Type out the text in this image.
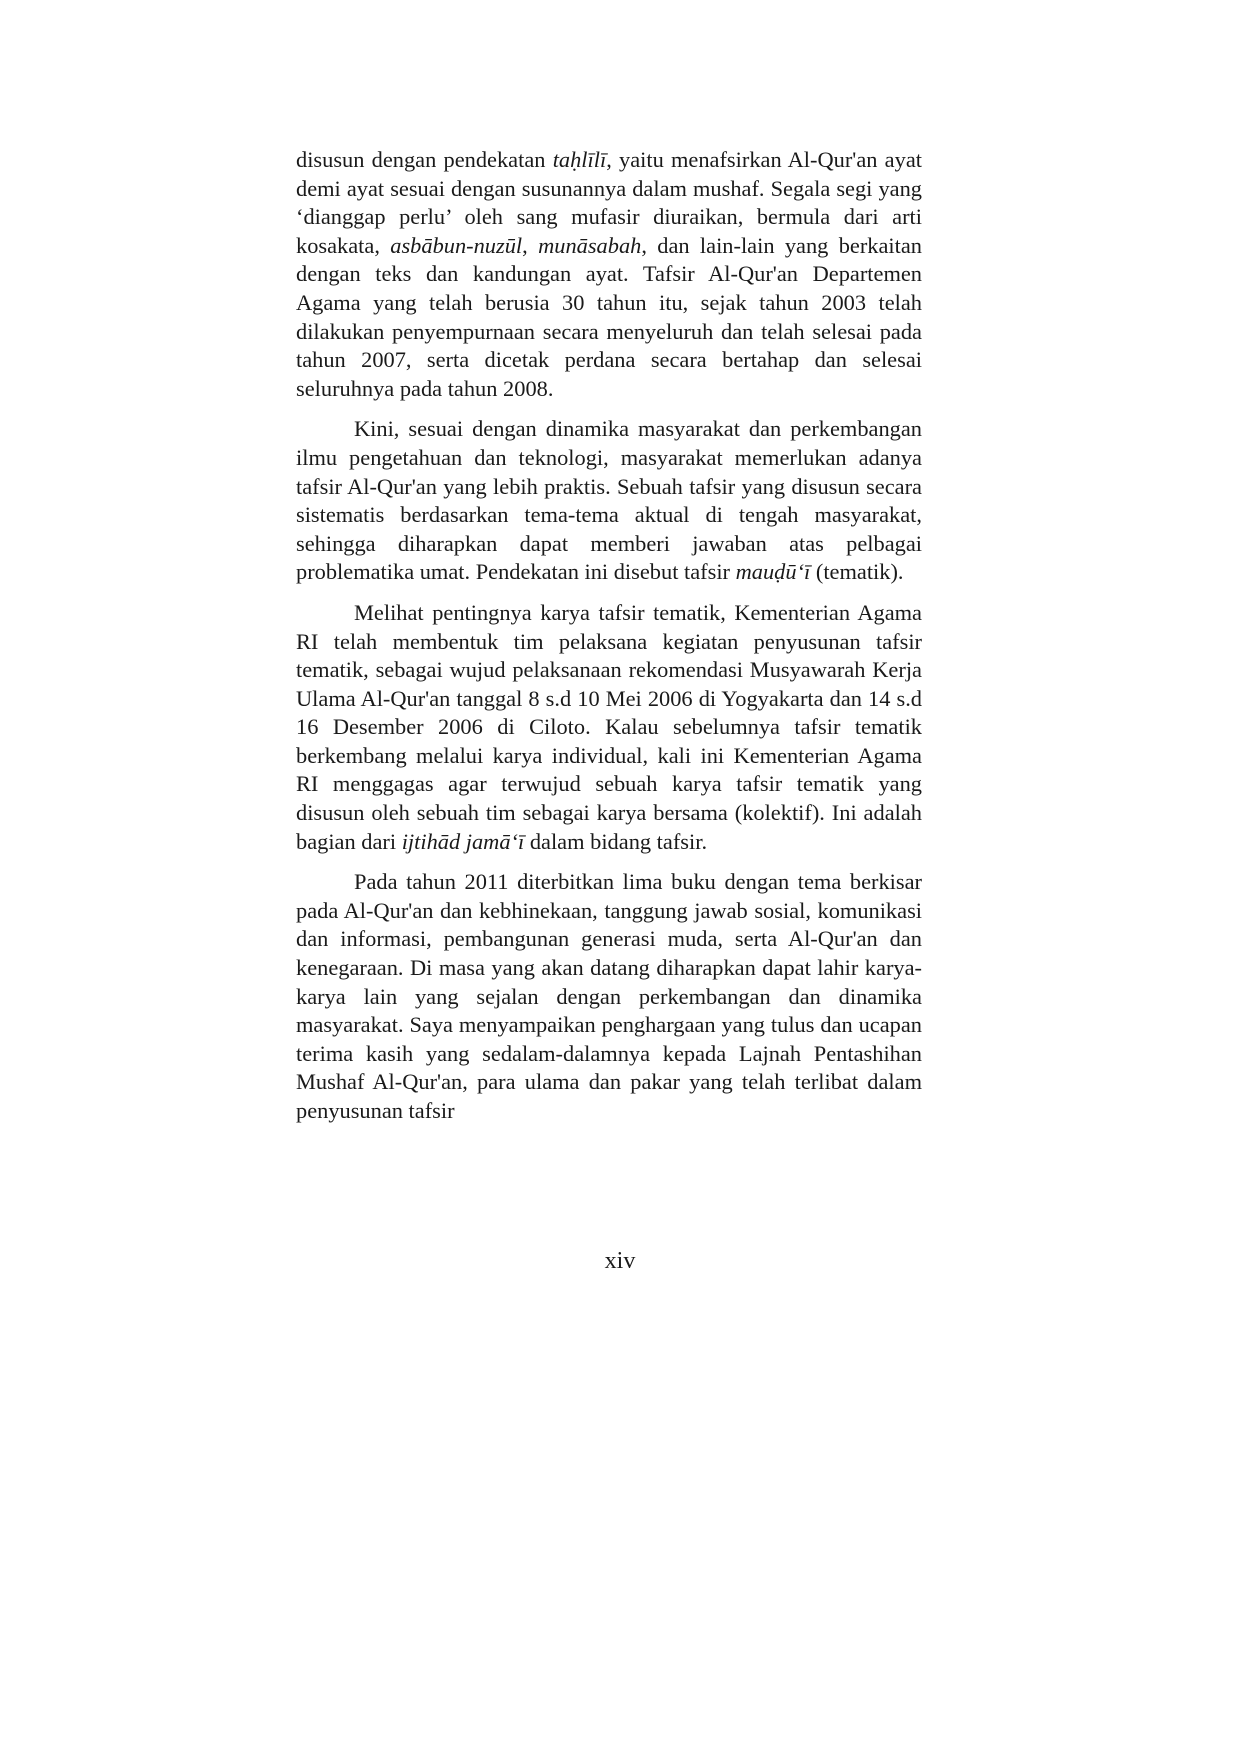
disusun dengan pendekatan taḥlīlī, yaitu menafsirkan Al-Qur'an ayat demi ayat sesuai dengan susunannya dalam mushaf. Segala segi yang ‘dianggap perlu’ oleh sang mufasir diuraikan, bermula dari arti kosakata, asbābun-nuzūl, munāsabah, dan lain-lain yang berkaitan dengan teks dan kandungan ayat. Tafsir Al-Qur'an Departemen Agama yang telah berusia 30 tahun itu, sejak tahun 2003 telah dilakukan penyempurnaan secara menyeluruh dan telah selesai pada tahun 2007, serta dicetak perdana secara bertahap dan selesai seluruhnya pada tahun 2008.

Kini, sesuai dengan dinamika masyarakat dan perkembangan ilmu pengetahuan dan teknologi, masyarakat memerlukan adanya tafsir Al-Qur'an yang lebih praktis. Sebuah tafsir yang disusun secara sistematis berdasarkan tema-tema aktual di tengah masyarakat, sehingga diharapkan dapat memberi jawaban atas pelbagai problematika umat. Pendekatan ini disebut tafsir mauḍū‘ī (tematik).

Melihat pentingnya karya tafsir tematik, Kementerian Agama RI telah membentuk tim pelaksana kegiatan penyusunan tafsir tematik, sebagai wujud pelaksanaan rekomendasi Musyawarah Kerja Ulama Al-Qur'an tanggal 8 s.d 10 Mei 2006 di Yogyakarta dan 14 s.d 16 Desember 2006 di Ciloto. Kalau sebelumnya tafsir tematik berkembang melalui karya individual, kali ini Kementerian Agama RI menggagas agar terwujud sebuah karya tafsir tematik yang disusun oleh sebuah tim sebagai karya bersama (kolektif). Ini adalah bagian dari ijtihād jamā‘ī dalam bidang tafsir.

Pada tahun 2011 diterbitkan lima buku dengan tema berkisar pada Al-Qur'an dan kebhinekaan, tanggung jawab sosial, komunikasi dan informasi, pembangunan generasi muda, serta Al-Qur'an dan kenegaraan. Di masa yang akan datang diharapkan dapat lahir karya-karya lain yang sejalan dengan perkembangan dan dinamika masyarakat. Saya menyampaikan penghargaan yang tulus dan ucapan terima kasih yang sedalam-dalamnya kepada Lajnah Pentashihan Mushaf Al-Qur'an, para ulama dan pakar yang telah terlibat dalam penyusunan tafsir

xiv
